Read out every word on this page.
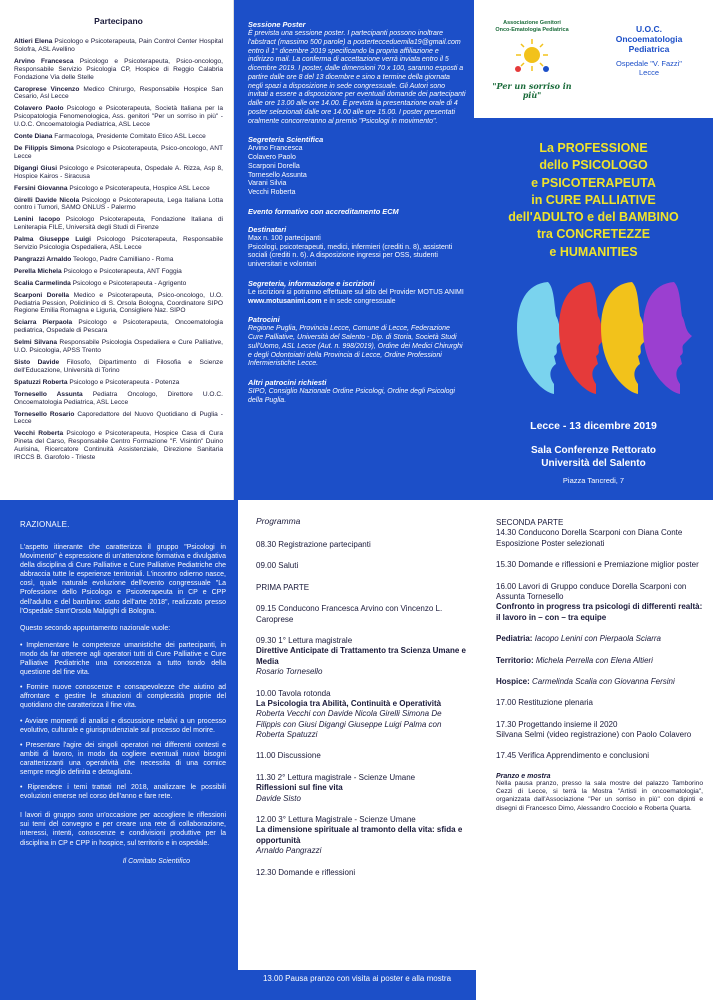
Partecipano
Altieri Elena Psicologo e Psicoterapeuta, Pain Control Center Hospital Solofra, ASL Avellino
Arvino Francesca Psicologo e Psicoterapeuta, Psico-oncologo, Responsabile Servizio Psicologia CP, Hospice di Reggio Calabria Fondazione Via delle Stelle
Caroprese Vincenzo Medico Chirurgo, Responsabile Hospice San Cesario, Asl Lecce
Colavero Paolo Psicologo e Psicoterapeuta, Società Italiana per la Psicopatologia Fenomenologica, Ass. genitori "Per un sorriso in più" - U.O.C. Oncoematologia Pediatrica, ASL Lecce
Conte Diana Farmacologa, Presidente Comitato Etico ASL Lecce
De Filippis Simona Psicologo e Psicoterapeuta, Psico-oncologo, ANT Lecce
Digangi Giusi Psicologo e Psicoterapeuta, Ospedale A. Rizza, Asp 8, Hospice Kairos - Siracusa
Fersini Giovanna Psicologo e Psicoterapeuta, Hospice ASL Lecce
Girelli Davide Nicola Psicologo e Psicoterapeuta, Lega Italiana Lotta contro i Tumori, SAMO ONLUS - Palermo
Lenini Iacopo Psicologo Psicoterapeuta, Fondazione Italiana di Leniterapia FILE, Università degli Studi di Firenze
Palma Giuseppe Luigi Psicologo Psicoterapeuta, Responsabile Servizio Psicologia Ospedaliera, ASL Lecce
Pangrazzi Arnaldo Teologo, Padre Camilliano - Roma
Perella Michela Psicologo e Psicoterapeuta, ANT Foggia
Scalia Carmelinda Psicologo e Psicoterapeuta - Agrigento
Scarponi Dorella Medico e Psicoterapeuta, Psico-oncologo, U.O. Pediatria Pession, Policlinico di S. Orsola Bologna, Coordinatore SIPO Regione Emilia Romagna e Liguria, Consigliere Naz. SIPO
Sciarra Pierpaola Psicologo e Psicoterapeuta, Oncoematologia pediatrica, Ospedale di Pescara
Selmi Silvana Responsabile Psicologia Ospedaliera e Cure Palliative, U.O. Psicologia, APSS Trento
Sisto Davide Filosofo, Dipartimento di Filosofia e Scienze dell'Educazione, Università di Torino
Spatuzzi Roberta Psicologo e Psicoterapeuta - Potenza
Tornesello Assunta Pediatra Oncologo, Direttore U.O.C. Oncoematologia Pediatrica, ASL Lecce
Tornesello Rosario Caporedattore del Nuovo Quotidiano di Puglia - Lecce
Vecchi Roberta Psicologo e Psicoterapeuta, Hospice Casa di Cura Pineta del Carso, Responsabile Centro Formazione "F. Visintin" Duino Aurisina, Ricercatore Continuità Assistenziale, Direzione Sanitaria IRCCS B. Garofolo - Trieste
Sessione Poster
È prevista una sessione poster. I partecipanti possono inoltrare l'abstract (massimo 500 parole) a postertecceduemila19@gmail.com entro il 1° dicembre 2019 specificando la propria affiliazione e indirizzo mail. La conferma di accettazione verrà inviata entro il 5 dicembre 2019. I poster, dalle dimensioni 70 x 100, saranno esposti a partire dalle ore 8 del 13 dicembre e sino a termine della giornata negli spazi a disposizione in sede congressuale. Gli Autori sono invitati a essere a disposizione per eventuali domande dei partecipanti dalle ore 13.00 alle ore 14.00. È prevista la presentazione orale di 4 poster selezionati dalle ore 14.00 alle ore 15.00. I poster presentati oralmente concorreranno al premio "Psicologi in movimento".
Segreteria Scientifica
Arvino Francesca
Colavero Paolo
Scarponi Dorella
Tornesello Assunta
Varani Silvia
Vecchi Roberta
Evento formativo con accreditamento ECM
Destinatari
Max n. 100 partecipanti
Psicologi, psicoterapeuti, medici, infermieri (crediti n. 8), assistenti sociali (crediti n. 6). A disposizione ingressi per OSS, studenti universitari e volontari
Segreteria, informazione e iscrizioni
Le iscrizioni si potranno effettuare sul sito del Provider MOTUS ANIMI
www.motusanimi.com e in sede congressuale
Patrocini
Regione Puglia, Provincia Lecce, Comune di Lecce, Federazione Cure Palliative, Università del Salento - Dip. di Storia, Società Studi sull'Uomo, ASL Lecce (Aut. n. 998/2019), Ordine dei Medici Chirurghi e degli Odontoiatri della Provincia di Lecce, Ordine Professioni Infermieristiche Lecce.
Altri patrocini richiesti
SIPO, Consiglio Nazionale Ordine Psicologi, Ordine degli Psicologi della Puglia.
Associazione Genitori
Onco-Ematologia Pediatrica
"Per un sorriso in più"
U.O.C.
Oncoematologia
Pediatrica
Ospedale "V. Fazzi"
Lecce
La PROFESSIONE
dello PSICOLOGO
e PSICOTERAPEUTA
in CURE PALLIATIVE
dell'ADULTO e del BAMBINO
tra CONCRETEZZE
e HUMANITIES
Lecce - 13 dicembre 2019
Sala Conferenze Rettorato
Università del Salento
Piazza Tancredi, 7
RAZIONALE.

L'aspetto itinerante che caratterizza il gruppo "Psicologi in Movimento" è espressione di un'attenzione formativa e divulgativa della disciplina di Cure Palliative e Cure Palliative Pediatriche che abbraccia tutte le esperienze territoriali. L'incontro odierno nasce, così, quale naturale evoluzione dell'evento congressuale "La Professione dello Psicologo e Psicoterapeuta in CP e CPP dell'adulto e del bambino: stato dell'arte 2018", realizzato presso l'Ospedale Sant'Orsola Malpighi di Bologna.

Questo secondo appuntamento nazionale vuole:

• Implementare le competenze umanistiche dei partecipanti, in modo da far ottenere agli operatori tutti di Cure Palliative e Cure Palliative Pediatriche una conoscenza a tutto tondo della questione del fine vita.

• Fornire nuove conoscenze e consapevolezze che aiutino ad affrontare e gestire le situazioni di complessità proprie del quotidiano che caratterizza il fine vita.

• Avviare momenti di analisi e discussione relativi a un processo evolutivo, culturale e giurisprudenziale sul processo del morire.

• Presentare l'agire dei singoli operatori nei differenti contesti e ambiti di lavoro, in modo da cogliere eventuali nuovi bisogni caratterizzanti una operatività che necessita di una cornice sempre meglio definita e dettagliata.

• Riprendere i temi trattati nel 2018, analizzare le possibili evoluzioni emerse nel corso dell'anno e fare rete.

I lavori di gruppo sono un'occasione per accogliere le riflessioni sui temi del convegno e per creare una rete di collaborazione, interessi, intenti, conoscenze e condivisioni produttive per la disciplina in CP e CPP in hospice, sul territorio e in ospedale.

Il Comitato Scientifico
Programma
08.30 Registrazione partecipanti
09.00 Saluti
PRIMA PARTE
09.15 Conducono Francesca Arvino con Vincenzo L. Caroprese
09.30 1° Lettura magistrale
Direttive Anticipate di Trattamento tra Scienza Umane e Media
Rosario Tornesello
10.00 Tavola rotonda
La Psicologia tra Abilità, Continuità e Operatività
Roberta Vecchi con Davide Nicola Girelli Simona De Filippis con Giusi Digangi Giuseppe Luigi Palma con Roberta Spatuzzi
11.00 Discussione
11.30 2° Lettura magistrale - Scienze Umane
Riflessioni sul fine vita
Davide Sisto
12.00 3° Lettura Magistrale - Scienze Umane
La dimensione spirituale al tramonto della vita: sfida e opportunità
Arnaldo Pangrazzi
12.30 Domande e riflessioni
13.00 Pausa pranzo con visita ai poster e alla mostra
SECONDA PARTE
14.30 Conducono Dorella Scarponi con Diana Conte
Esposizione Poster selezionati
15.30 Domande e riflessioni e Premiazione miglior poster
16.00 Lavori di Gruppo conduce Dorella Scarponi con Assunta Tornesello
Confronto in progress tra psicologi di differenti realtà: il lavoro in – con – tra equipe
Pediatria: Iacopo Lenini con Pierpaola Sciarra
Territorio: Michela Perrella con Elena Altieri
Hospice: Carmelinda Scalia con Giovanna Fersini
17.00 Restituzione plenaria
17.30 Progettando insieme il 2020
Silvana Selmi (video registrazione) con Paolo Colavero
17.45 Verifica Apprendimento e conclusioni
Pranzo e mostra
Nella pausa pranzo, presso la sala mostre del palazzo Tamborino Cezzi di Lecce, si terrà la Mostra "Artisti in oncoematologia", organizzata dall'Associazione "Per un sorriso in più" con dipinti e disegni di Francesco Dimo, Alessandro Cocciolo e Roberta Quarta.
